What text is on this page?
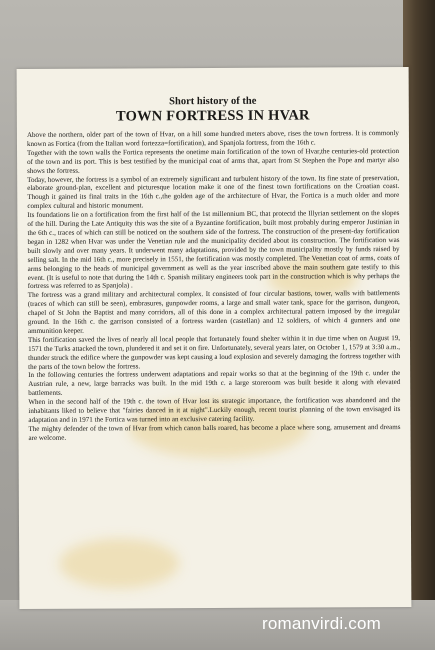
Short history of the
TOWN FORTRESS IN HVAR

Above the northern, older part of the town of Hvar, on a hill some hundred meters above, rises the town fortress. It is commonly known as Fortica (from the Italian word fortezza=fortification), and Spanjola fortress, from the 16th c.

Together with the town walls the Fortica represents the onetime main fortification of the town of Hvar,the centuries-old protection of the town and its port. This is best testified by the municipal coat of arms that, apart from St Stephen the Pope and martyr also shows the fortress.

Today, however, the fortress is a symbol of an extremely significant and turbulent history of the town. Its fine state of preservation, elaborate ground-plan, excellent and picturesque location make it one of the finest town fortifications on the Croatian coast. Though it gained its final traits in the 16th c.,the golden age of the architecture of Hvar, the Fortica is a much older and more complex cultural and historic monument.

Its foundations lie on a fortification from the first half of the 1st millennium BC, that protectd the Illyrian settlement on the slopes of the hill. During the Late Antiquity this was the site of a Byzantine fortification, built most probably during emperor Justinian in the 6th c., traces of which can still be noticed on the southern side of the fortress. The construction of the present-day fortification began in 1282 when Hvar was under the Venetian rule and the municipality decided about its construction. The fortification was built slowly and over many years. It underwent many adaptations, provided by the town municipality mostly by funds raised by selling salt. In the mid 16th c., more precisely in 1551, the fortification was mostly completed. The Venetian coat of arms, coats of arms belonging to the heads of municipal government as well as the year inscribed above the main southern gate testify to this event. (It is useful to note that during the 14th c. Spanish military engineers took part in the construction which is why perhaps the fortress was referred to as Spanjola) .

The fortress was a grand military and architectural complex. It consisted of four circular bastions, tower, walls with battlements (traces of which can still be seen), embrasures, gunpowder rooms, a large and small water tank, space for the garrison, dungeon, chapel of St John the Baptist and many corridors, all of this done in a complex architectural pattern imposed by the irregular ground. In the 16th c. the garrison consisted of a fortress warden (castellan) and 12 soldiers, of which 4 gunners and one ammunition keeper.

This fortification saved the lives of nearly all local people that fortunately found shelter within it in due time when on August 19, 1571 the Turks attacked the town, plundered it and set it on fire. Unfortunately, several years later, on October 1, 1579 at 3:30 a.m., thunder struck the edifice where the gunpowder was kept causing a loud explosion and severely damaging the fortress together with the parts of the town below the fortress.

In the following centuries the fortress underwent adaptations and repair works so that at the beginning of the 19th c. under the Austrian rule, a new, large barracks was built. In the mid 19th c. a large storeroom was built beside it along with elevated battlements.

When in the second half of the 19th c. the town of Hvar lost its strategic importance, the fortification was abandoned and the inhabitants liked to believe that "fairies danced in it at night".Luckily enough, recent tourist planning of the town envisaged its adaptation and in 1971 the Fortica was turned into an exclusive catering facility.

The mighty defender of the town of Hvar from which canon balls roared, has become a place where song, amusement and dreams are welcome.

romanvirdi.com
